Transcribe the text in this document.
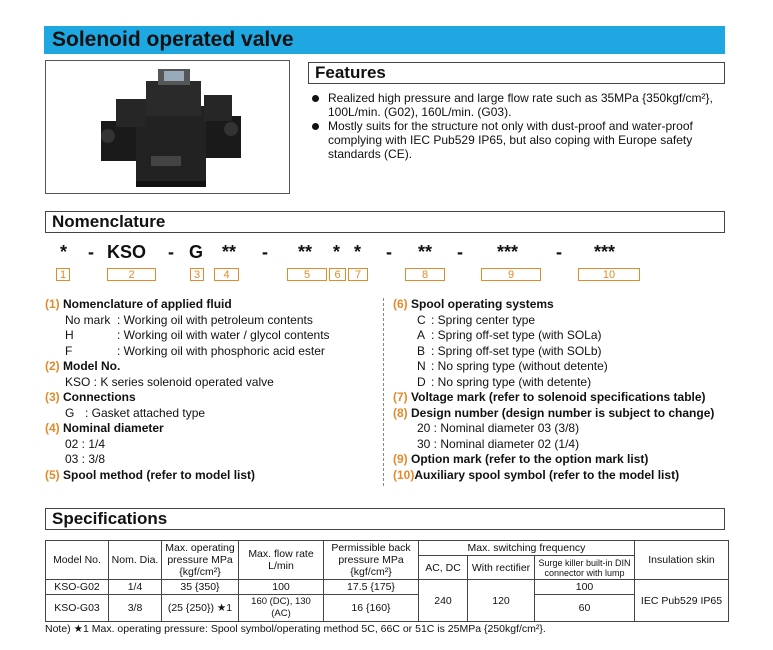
Solenoid operated valve
Features
Realized high pressure and large flow rate such as 35MPa {350kgf/cm²}, 100L/min. (G02), 160L/min. (G03).
Mostly suits for the structure not only with dust-proof and water-proof complying with IEC Pub529 IP65, but also coping with Europe safety standards (CE).
Nomenclature
* - KSO - G ** - ** * * - ** - *** - ***
1	2	3	4	5	6	7	8	9	10
(1) Nomenclature of applied fluid
No mark : Working oil with petroleum contents
H	: Working oil with water / glycol contents
F	: Working oil with phosphoric acid ester
(2) Model No.
KSO : K series solenoid operated valve
(3) Connections
G : Gasket attached type
(4) Nominal diameter
02 : 1/4
03 : 3/8
(5) Spool method (refer to model list)
(6) Spool operating systems
C : Spring center type
A : Spring off-set type (with SOLa)
B : Spring off-set type (with SOLb)
N : No spring type (without detente)
D : No spring type (with detente)
(7) Voltage mark (refer to solenoid specifications table)
(8) Design number (design number is subject to change)
20 : Nominal diameter 03 (3/8)
30 : Nominal diameter 02 (1/4)
(9) Option mark (refer to the option mark list)
(10)Auxiliary spool symbol (refer to the model list)
Specifications
Model No.	Nom. Dia.	Max. operating pressure MPa {kgf/cm²}	Max. flow rate L/min	Permissible back pressure MPa {kgf/cm²}	Max. switching frequency			Insulation skin
					AC, DC	With rectifier	Surge killer built-in DIN connector with lump	
KSO-G02	1/4	35 {350}	100	17.5 {175}	240	120	100	IEC Pub529 IP65
KSO-G03	3/8	(25 {250}) ★1	160 (DC), 130 (AC)	16 {160}			60	
Note) ★1 Max. operating pressure: Spool symbol/operating method 5C, 66C or 51C is 25MPa {250kgf/cm²}.
